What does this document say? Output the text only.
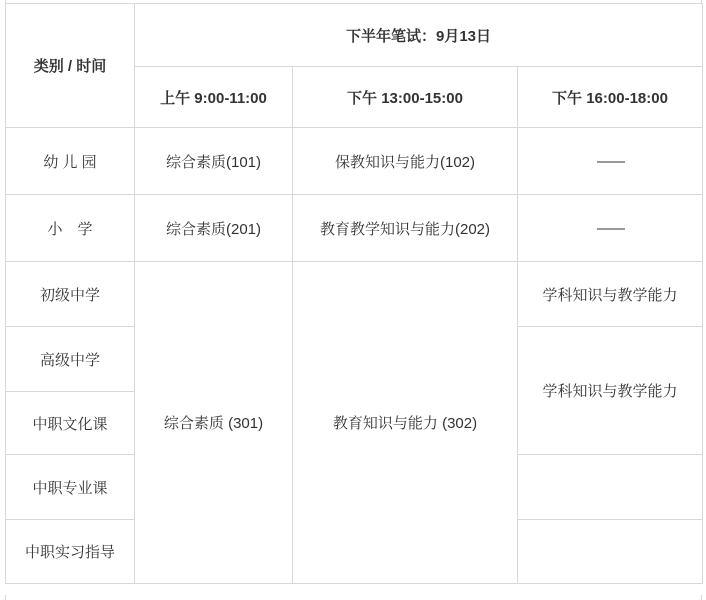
类别 / 时间	下半年笔试：9月13日		
	上午 9:00-11:00	下午 13:00-15:00	下午 16:00-18:00
幼 儿 园	综合素质(101)	保教知识与能力(102)	——
小　学	综合素质(201)	教育教学知识与能力(202)	——
初级中学	综合素质 (301)	教育知识与能力 (302)	学科知识与教学能力
高级中学			学科知识与教学能力
中职文化课			
中职专业课			
中职实习指导			
